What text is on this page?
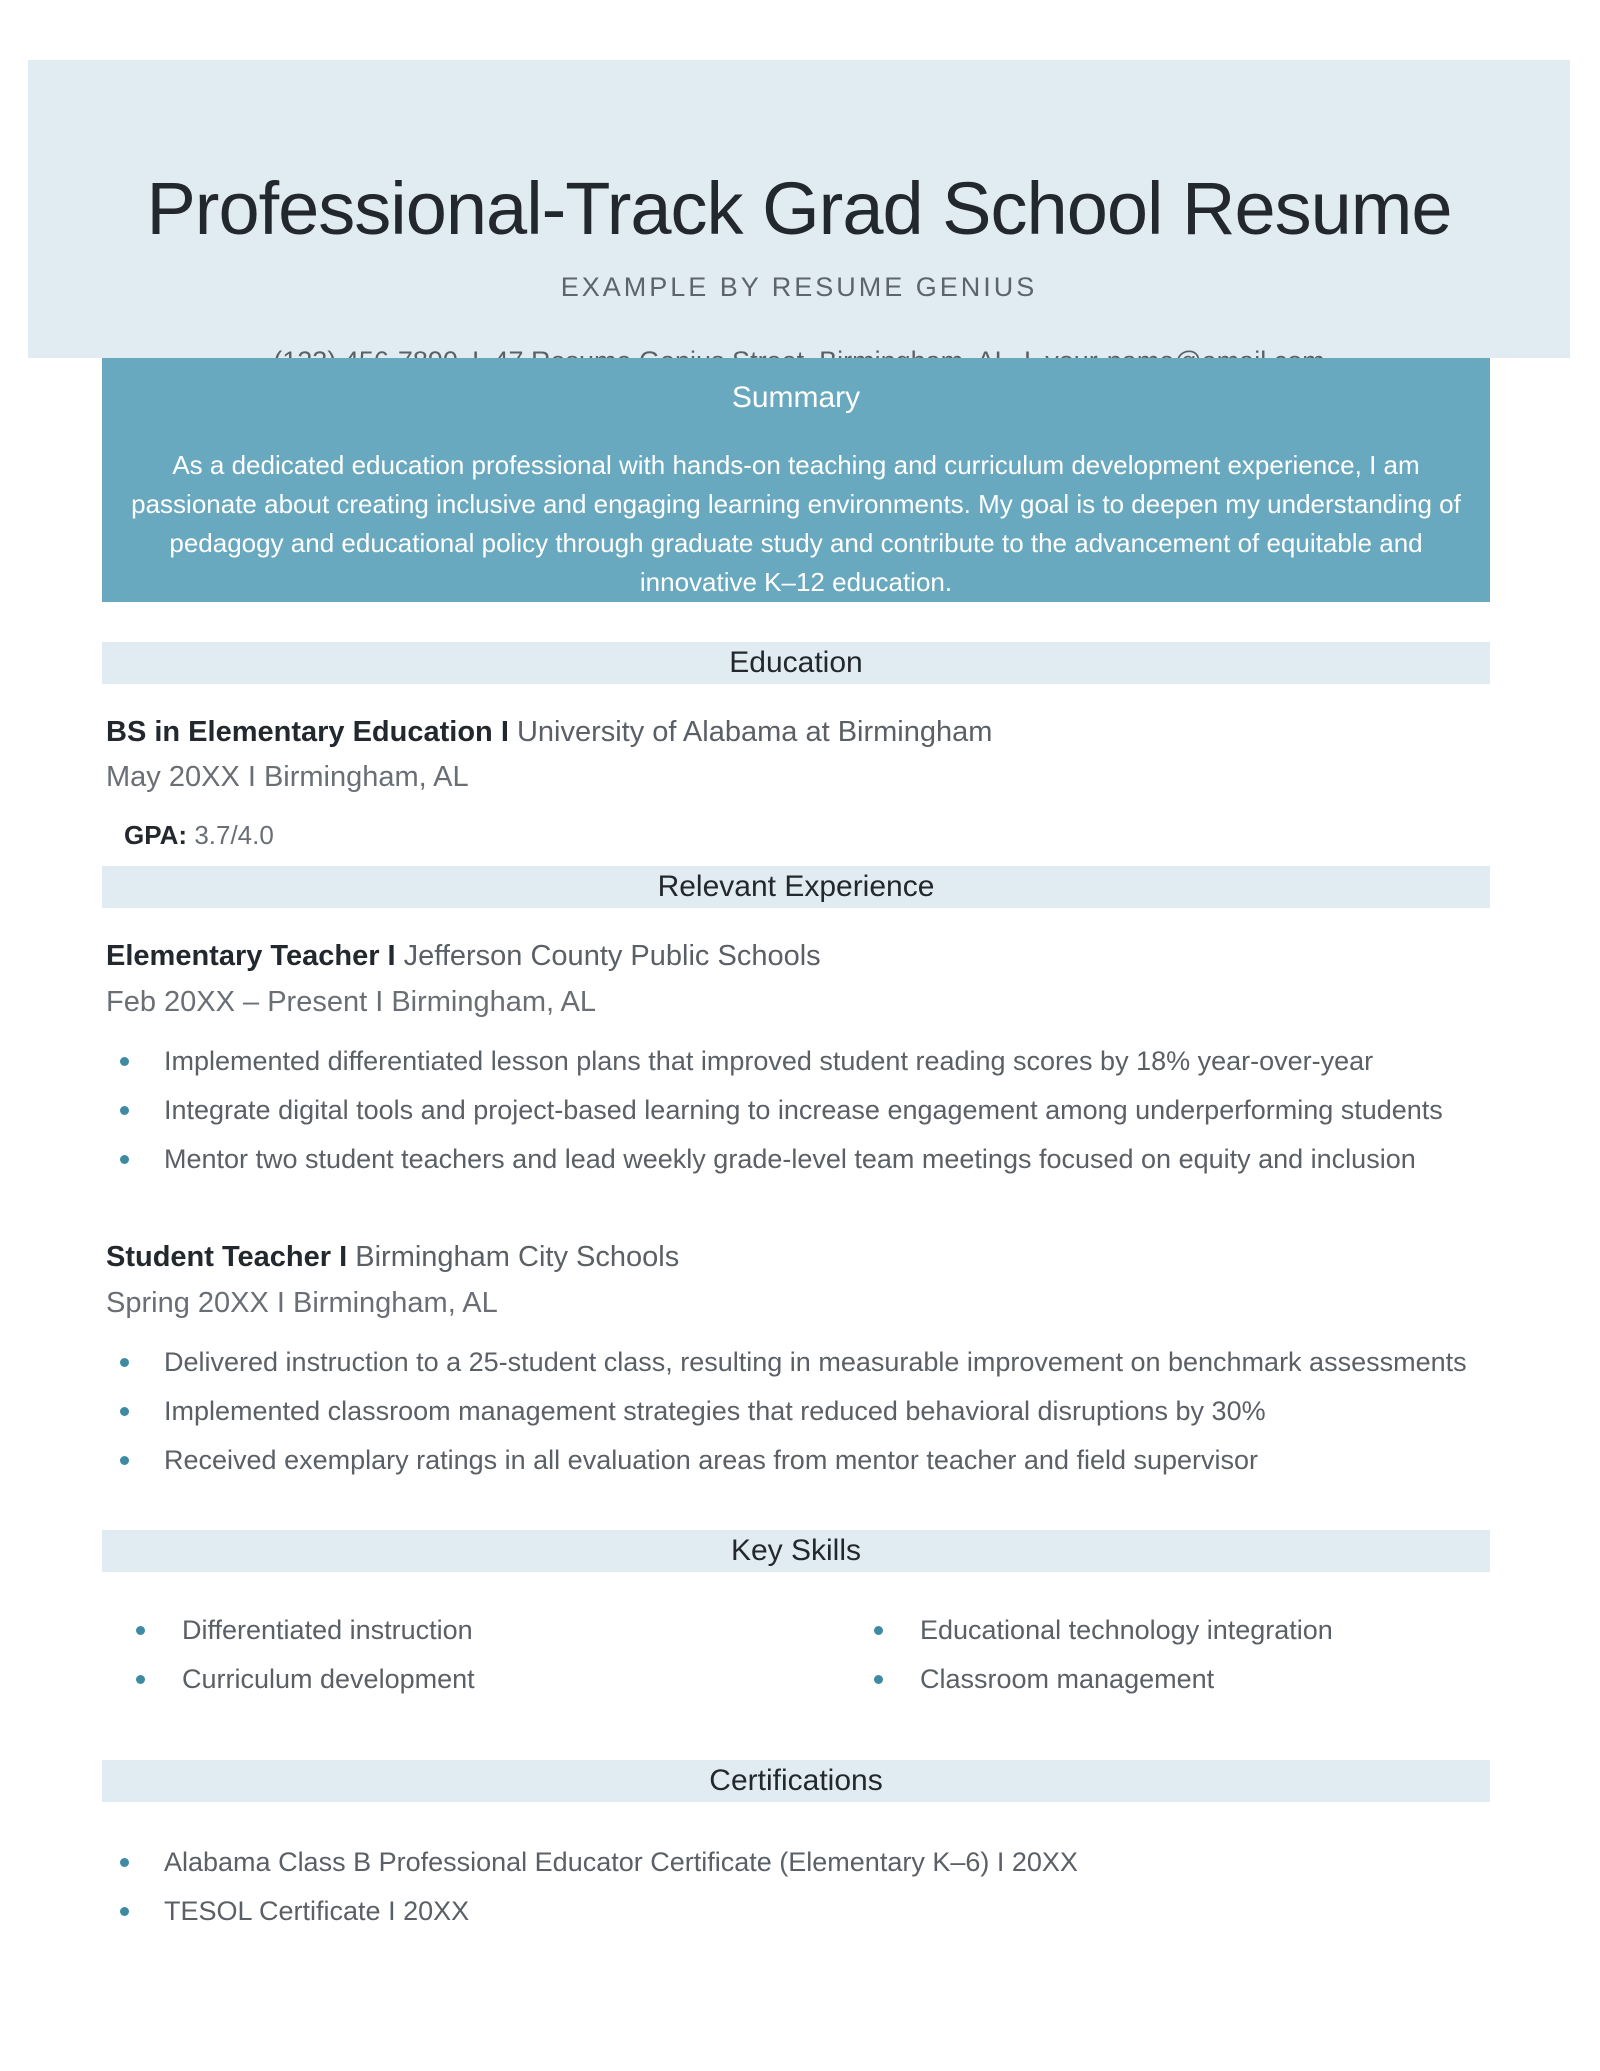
Professional-Track Grad School Resume
EXAMPLE BY RESUME GENIUS
Summary
As a dedicated education professional with hands-on teaching and curriculum development experience, I am passionate about creating inclusive and engaging learning environments. My goal is to deepen my understanding of pedagogy and educational policy through graduate study and contribute to the advancement of equitable and innovative K–12 education.
Education
BS in Elementary Education I University of Alabama at Birmingham
May 20XX I Birmingham, AL
GPA: 3.7/4.0
Relevant Experience
Elementary Teacher I Jefferson County Public Schools
Feb 20XX – Present I Birmingham, AL
Implemented differentiated lesson plans that improved student reading scores by 18% year-over-year
Integrate digital tools and project-based learning to increase engagement among underperforming students
Mentor two student teachers and lead weekly grade-level team meetings focused on equity and inclusion
Student Teacher I Birmingham City Schools
Spring 20XX I Birmingham, AL
Delivered instruction to a 25-student class, resulting in measurable improvement on benchmark assessments
Implemented classroom management strategies that reduced behavioral disruptions by 30%
Received exemplary ratings in all evaluation areas from mentor teacher and field supervisor
Key Skills
Differentiated instruction
Curriculum development
Educational technology integration
Classroom management
Certifications
Alabama Class B Professional Educator Certificate (Elementary K–6) I 20XX
TESOL Certificate I 20XX
